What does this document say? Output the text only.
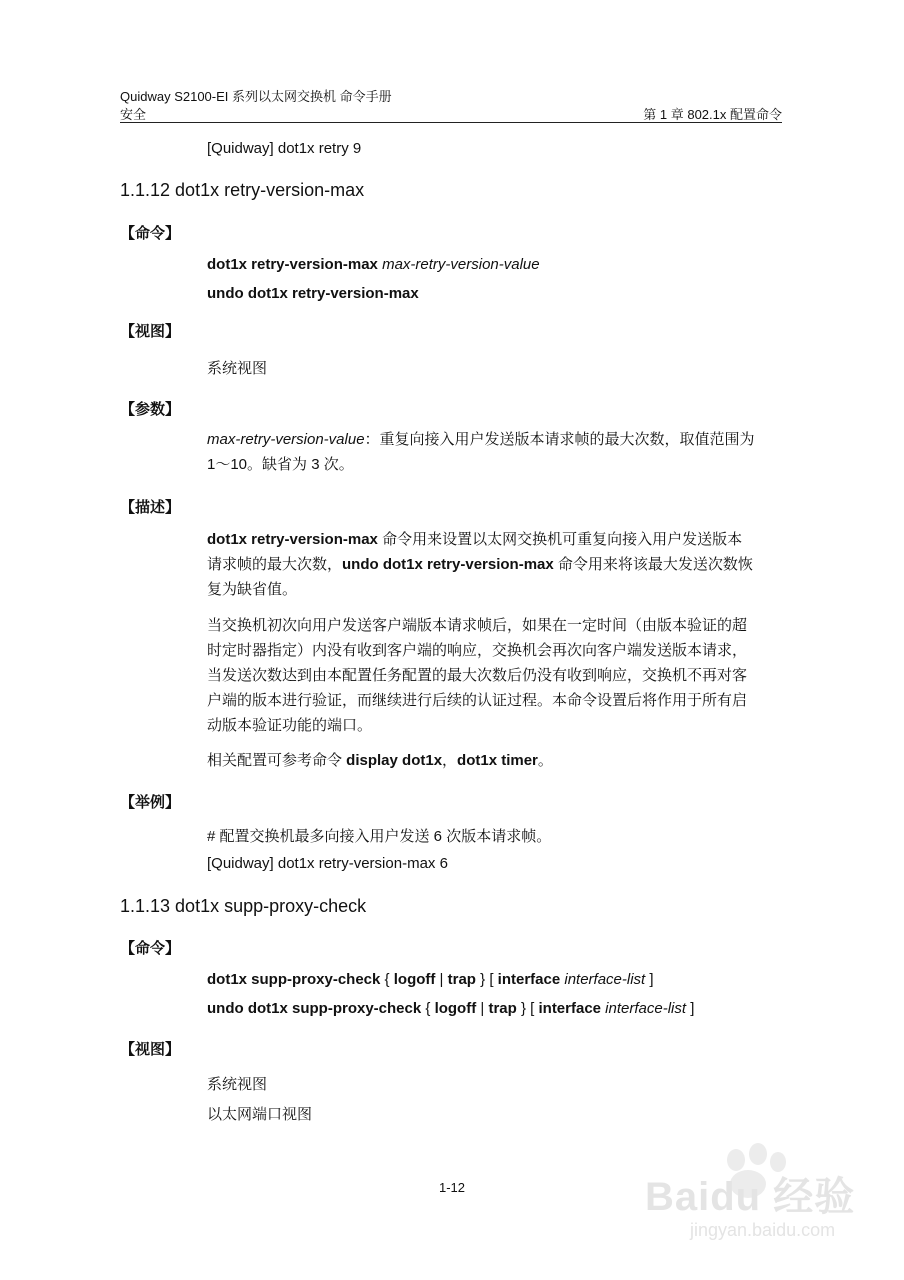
Quidway S2100-EI 系列以太网交换机 命令手册
安全	第 1 章 802.1x 配置命令
[Quidway] dot1x retry 9
1.1.12 dot1x retry-version-max
【命令】
dot1x retry-version-max max-retry-version-value
undo dot1x retry-version-max
【视图】
系统视图
【参数】
max-retry-version-value：重复向接入用户发送版本请求帧的最大次数，取值范围为
1～10。缺省为 3 次。
【描述】
dot1x retry-version-max 命令用来设置以太网交换机可重复向接入用户发送版本
请求帧的最大次数，undo dot1x retry-version-max 命令用来将该最大发送次数恢
复为缺省值。
当交换机初次向用户发送客户端版本请求帧后，如果在一定时间（由版本验证的超
时定时器指定）内没有收到客户端的响应，交换机会再次向客户端发送版本请求，
当发送次数达到由本配置任务配置的最大次数后仍没有收到响应，交换机不再对客
户端的版本进行验证，而继续进行后续的认证过程。本命令设置后将作用于所有启
动版本验证功能的端口。
相关配置可参考命令 display dot1x，dot1x timer。
【举例】
# 配置交换机最多向接入用户发送 6 次版本请求帧。
[Quidway] dot1x retry-version-max 6
1.1.13 dot1x supp-proxy-check
【命令】
dot1x supp-proxy-check { logoff | trap } [ interface interface-list ]
undo dot1x supp-proxy-check { logoff | trap } [ interface interface-list ]
【视图】
系统视图
以太网端口视图
1-12	Baidu 经验
jingyan.baidu.com
